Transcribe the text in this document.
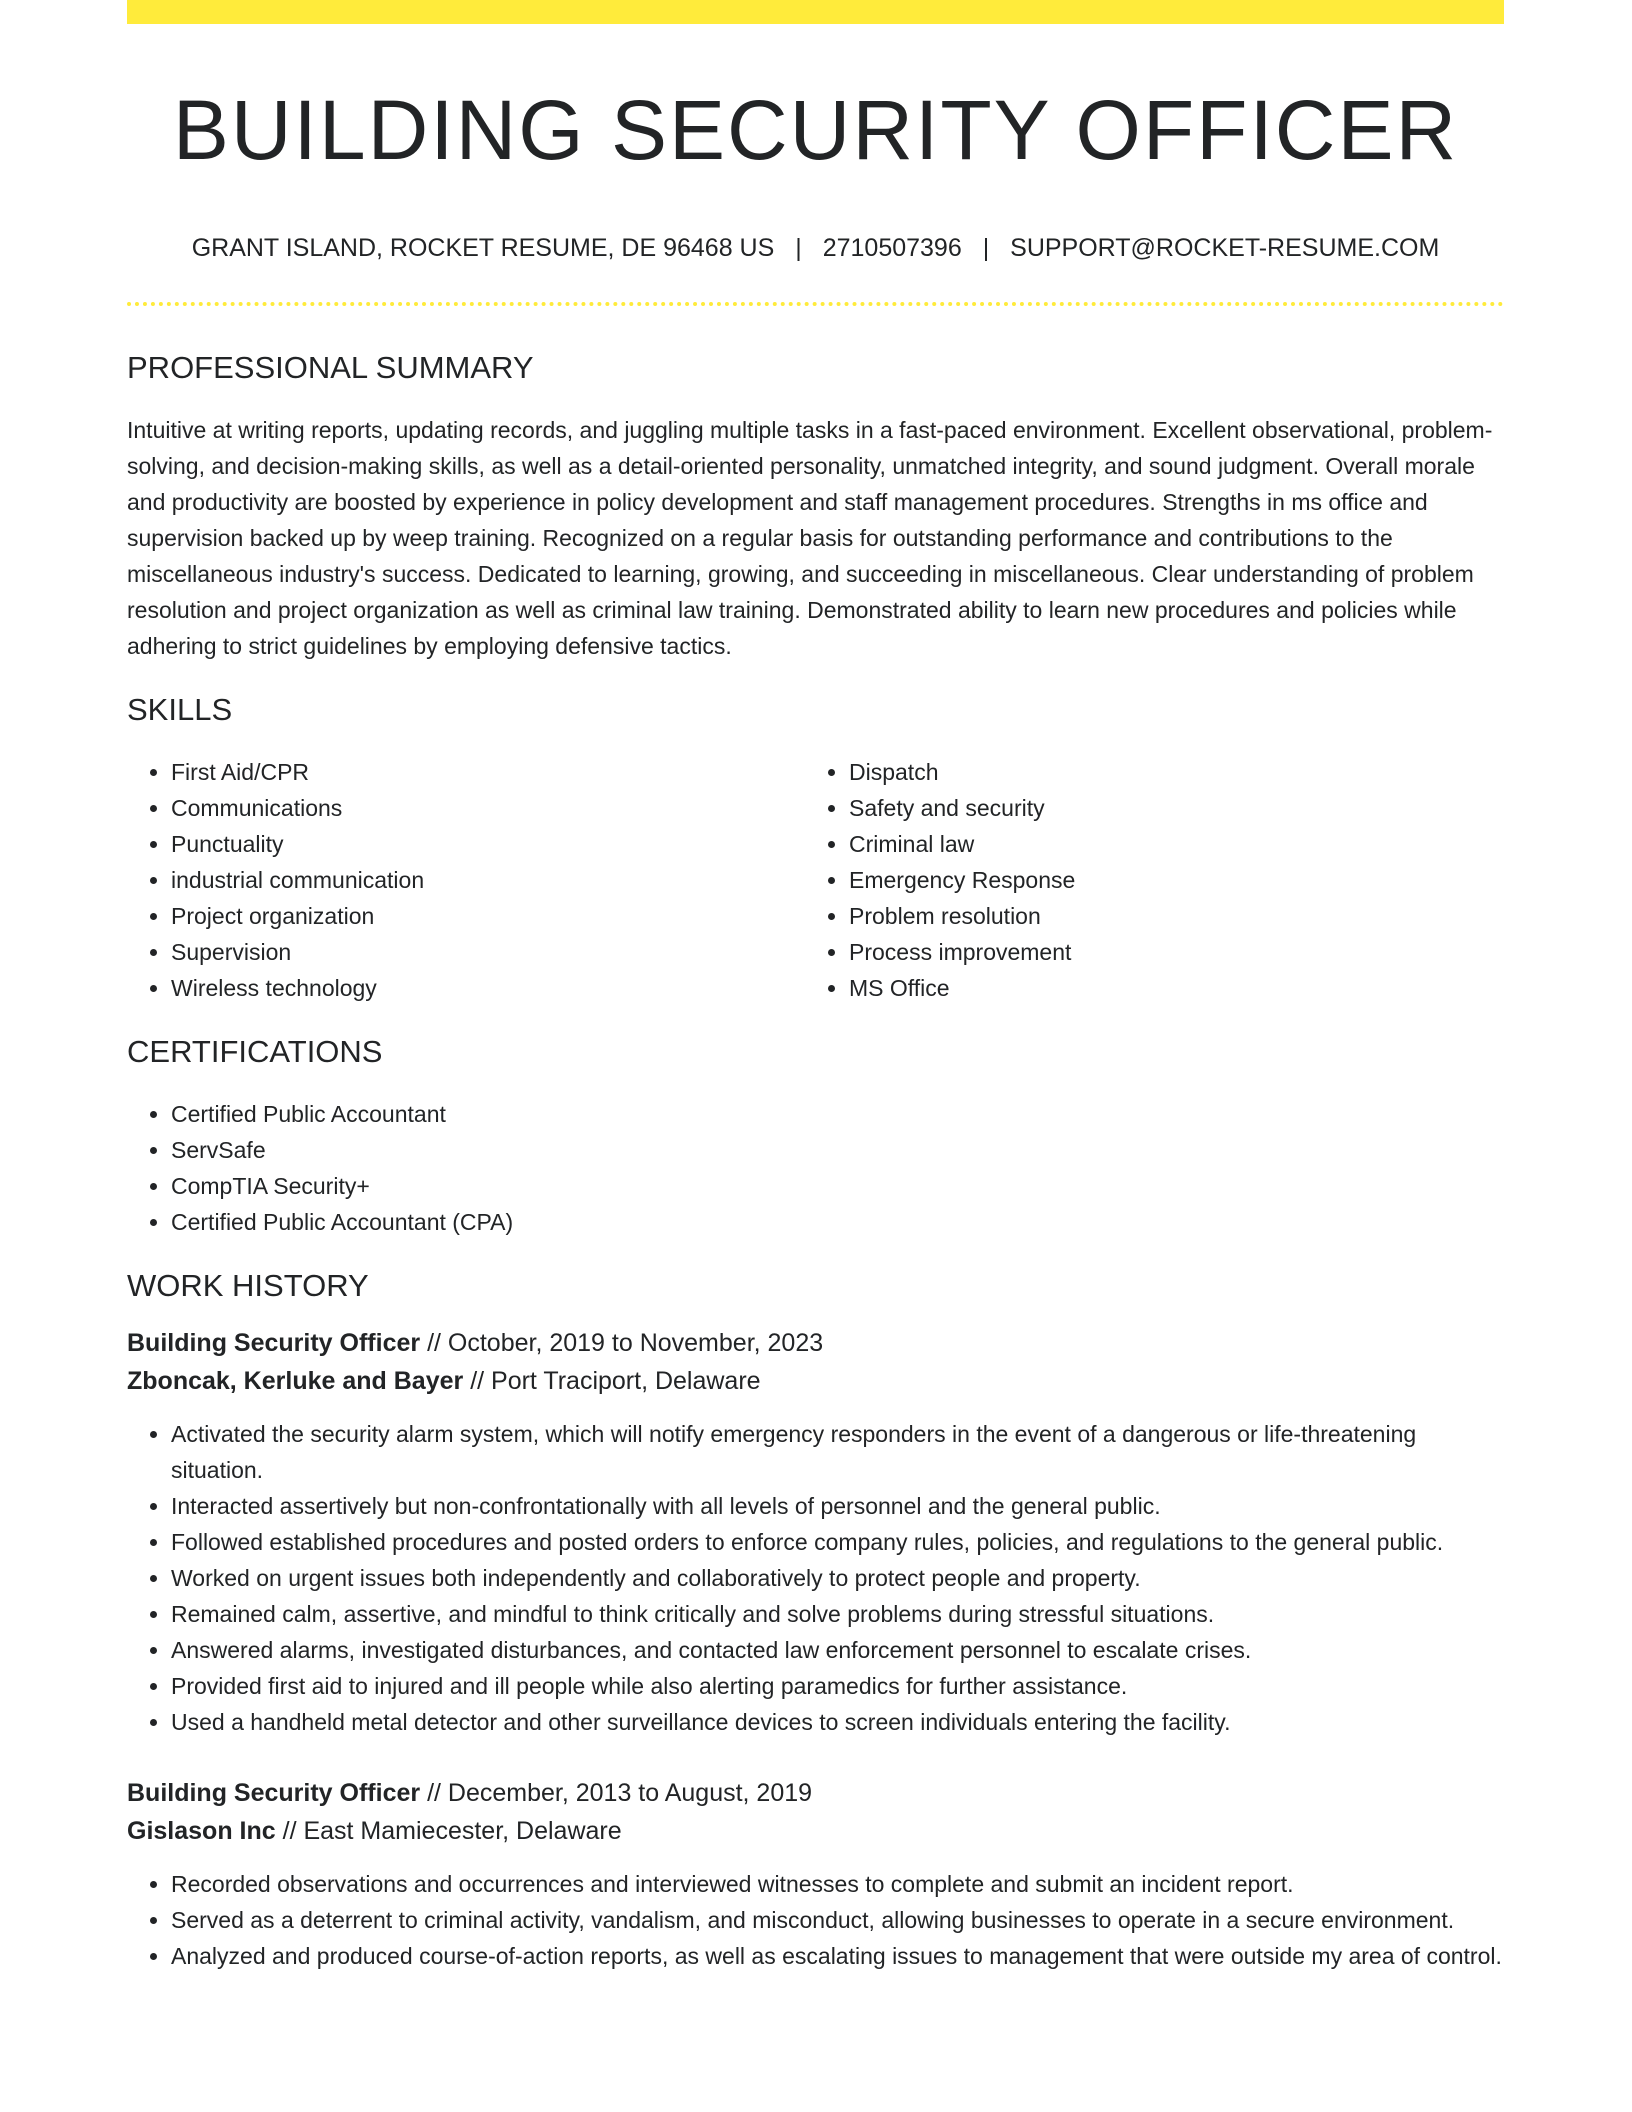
BUILDING SECURITY OFFICER
GRANT ISLAND, ROCKET RESUME, DE 96468 US | 2710507396 | SUPPORT@ROCKET-RESUME.COM
PROFESSIONAL SUMMARY

Intuitive at writing reports, updating records, and juggling multiple tasks in a fast-paced environment. Excellent observational, problem-solving, and decision-making skills, as well as a detail-oriented personality, unmatched integrity, and sound judgment. Overall morale and productivity are boosted by experience in policy development and staff management procedures. Strengths in ms office and supervision backed up by weep training. Recognized on a regular basis for outstanding performance and contributions to the miscellaneous industry's success. Dedicated to learning, growing, and succeeding in miscellaneous. Clear understanding of problem resolution and project organization as well as criminal law training. Demonstrated ability to learn new procedures and policies while adhering to strict guidelines by employing defensive tactics.

SKILLS
• First Aid/CPR
• Communications
• Punctuality
• industrial communication
• Project organization
• Supervision
• Wireless technology
• Dispatch
• Safety and security
• Criminal law
• Emergency Response
• Problem resolution
• Process improvement
• MS Office
CERTIFICATIONS
• Certified Public Accountant
• ServSafe
• CompTIA Security+
• Certified Public Accountant (CPA)
WORK HISTORY
Building Security Officer // October, 2019 to November, 2023
Zboncak, Kerluke and Bayer // Port Traciport, Delaware
• Activated the security alarm system, which will notify emergency responders in the event of a dangerous or life-threatening situation.
• Interacted assertively but non-confrontationally with all levels of personnel and the general public.
• Followed established procedures and posted orders to enforce company rules, policies, and regulations to the general public.
• Worked on urgent issues both independently and collaboratively to protect people and property.
• Remained calm, assertive, and mindful to think critically and solve problems during stressful situations.
• Answered alarms, investigated disturbances, and contacted law enforcement personnel to escalate crises.
• Provided first aid to injured and ill people while also alerting paramedics for further assistance.
• Used a handheld metal detector and other surveillance devices to screen individuals entering the facility.
Building Security Officer // December, 2013 to August, 2019
Gislason Inc // East Mamiecester, Delaware
• Recorded observations and occurrences and interviewed witnesses to complete and submit an incident report.
• Served as a deterrent to criminal activity, vandalism, and misconduct, allowing businesses to operate in a secure environment.
• Analyzed and produced course-of-action reports, as well as escalating issues to management that were outside my area of control.
